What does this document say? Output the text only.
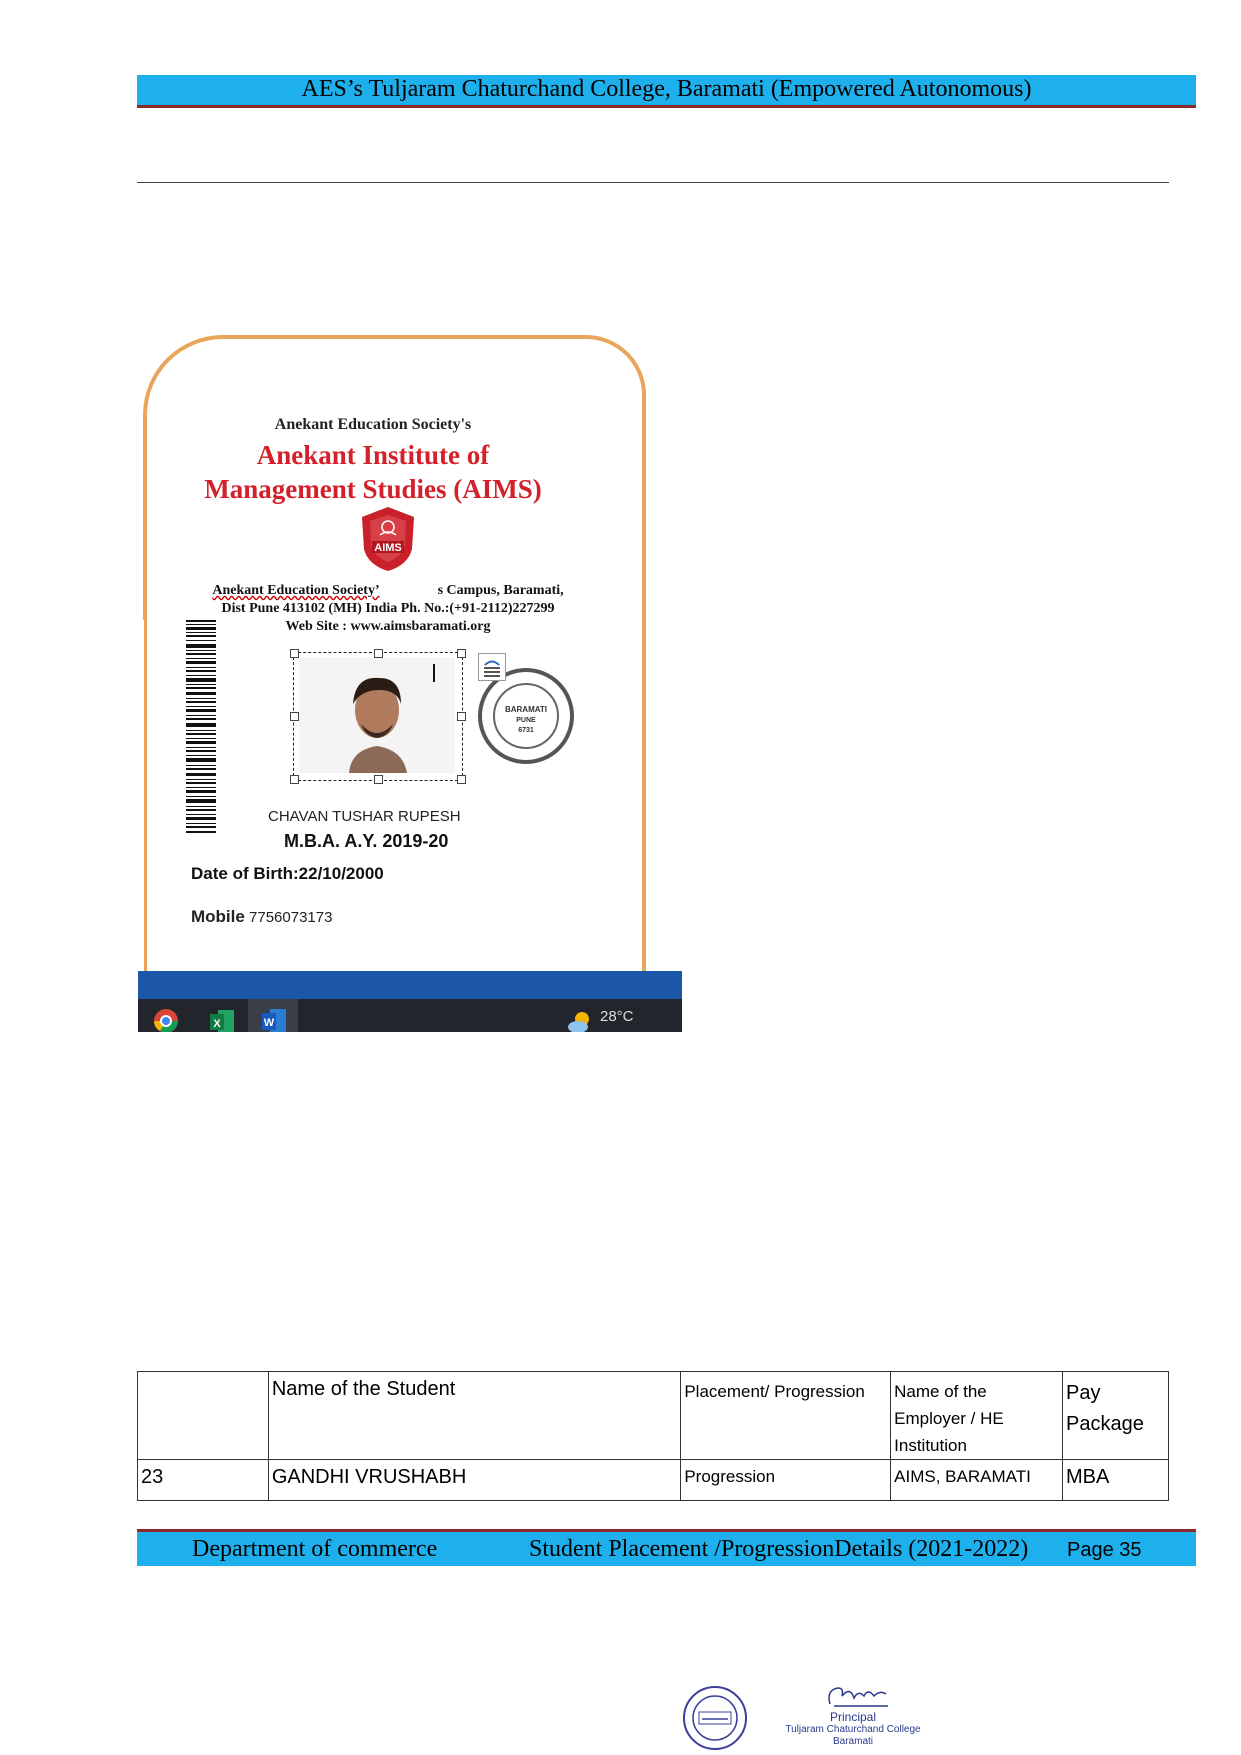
AES’s Tuljaram Chaturchand College, Baramati (Empowered Autonomous)
Anekant Education Society's
Anekant Institute of
Management Studies (AIMS)
AIMS
Anekant Education Society’	s Campus, Baramati,
Dist Pune 413102 (MH) India Ph. No.:(+91-2112)227299
Web Site : www.aimsbaramati.org
BARAMATI
PUNE
6731
CHAVAN TUSHAR RUPESH
M.B.A. A.Y. 2019-20
Date of Birth:22/10/2000
Mobile 7756073173
X	W	28°C
	Name of the Student	Placement/ Progression	Name of the Employer / HE Institution	Pay Package
23	GANDHI VRUSHABH	Progression	AIMS, BARAMATI	MBA
Department of commerce	Student Placement /ProgressionDetails (2021-2022) Page 35
Principal
Tuljaram Chaturchand College
Baramati
